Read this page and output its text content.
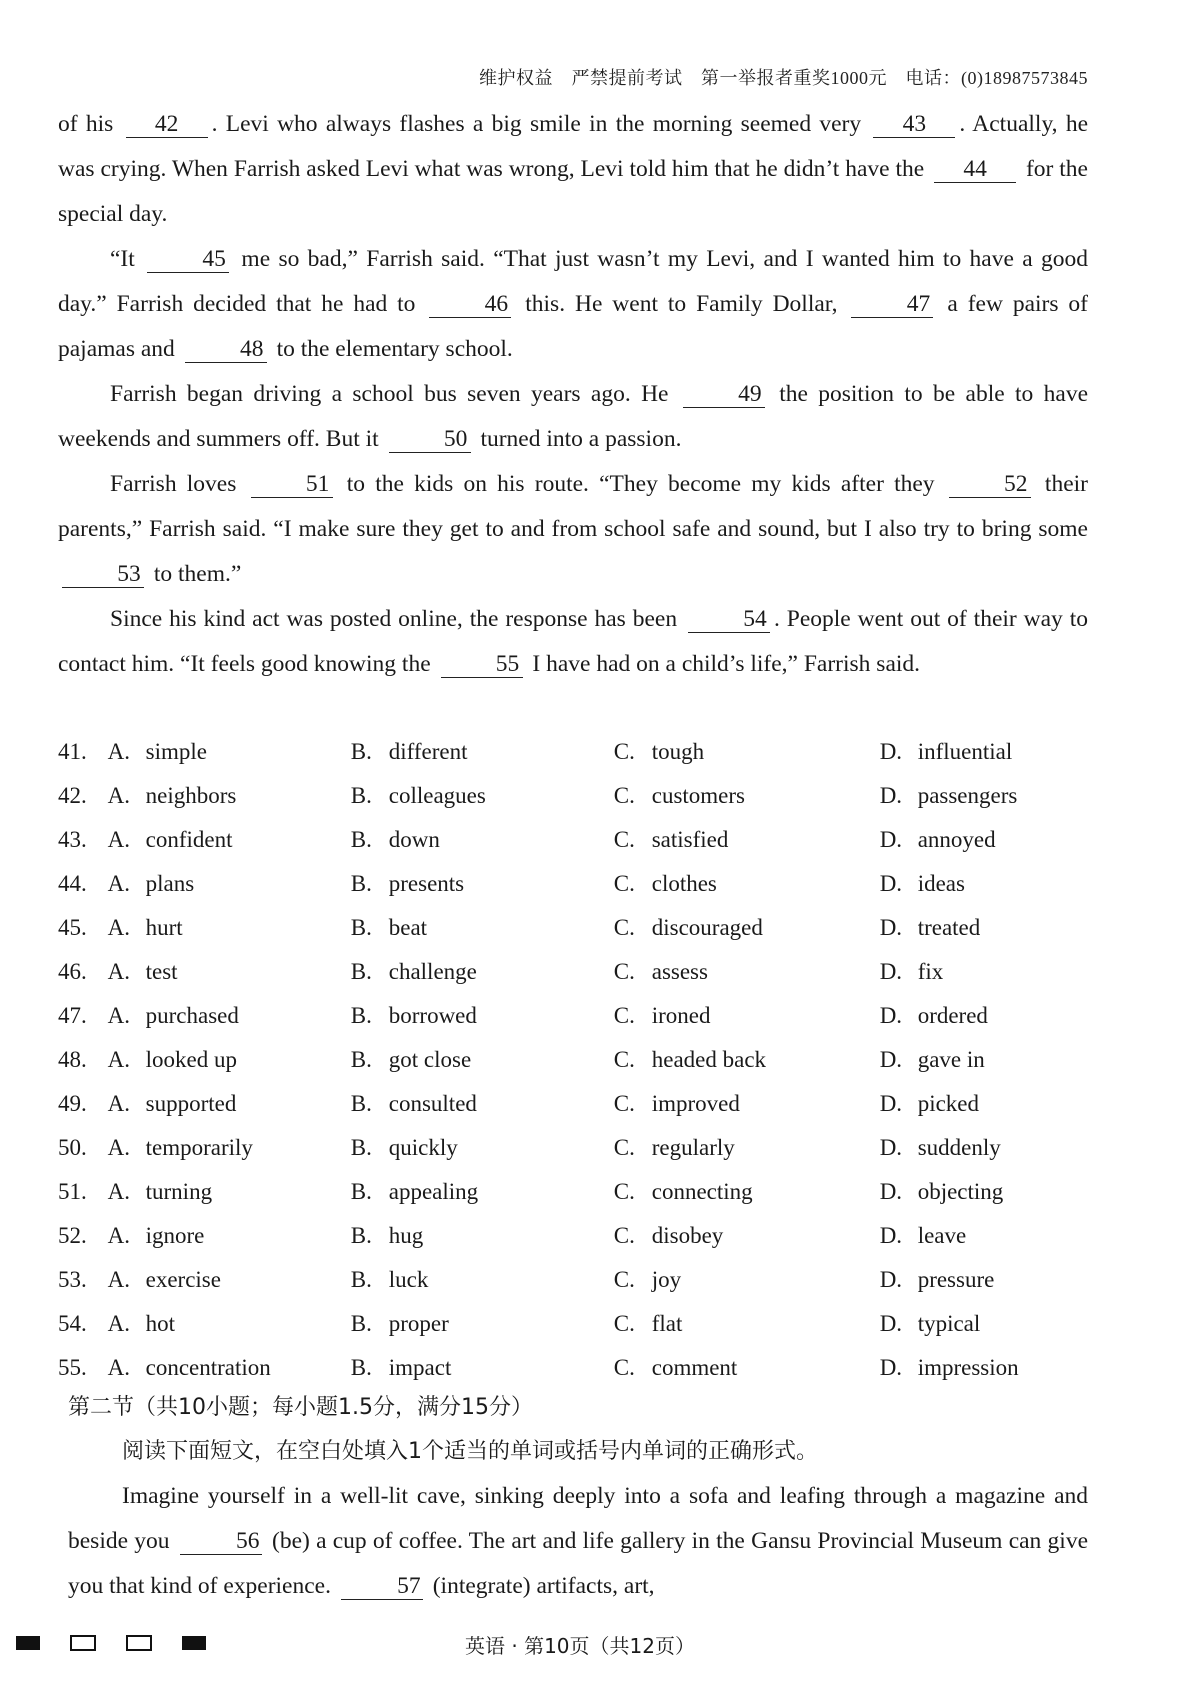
维护权益　严禁提前考试　第一举报者重奖1000元　电话：(0)18987573845

of his 42 . Levi who always flashes a big smile in the morning seemed very 43 . Actually, he was crying. When Farrish asked Levi what was wrong, Levi told him that he didn’t have the 44 for the special day.

“It	45 me so bad,” Farrish said. “That just wasn’t my Levi, and I wanted him to have a good day.” Farrish decided that he had to	46 this. He went to Family Dollar,	47 a few pairs of pajamas and	48 to the elementary school.

Farrish began driving a school bus seven years ago. He	49 the position to be able to have weekends and summers off. But it	50 turned into a passion.

Farrish loves	51 to the kids on his route. “They become my kids after they	52 their parents,” Farrish said. “I make sure they get to and from school safe and sound, but I also try to bring some 53 to them.”

Since his kind act was posted online, the response has been	54 . People went out of their way to contact him. “It feels good knowing the	55 I have had on a child’s life,” Farrish said.

41. A. simple	B. different	C. tough	D. influential
42. A. neighbors	B. colleagues	C. customers	D. passengers
43. A. confident	B. down	C. satisfied	D. annoyed
44. A. plans	B. presents	C. clothes	D. ideas
45. A. hurt	B. beat	C. discouraged	D. treated
46. A. test	B. challenge	C. assess	D. fix
47. A. purchased	B. borrowed	C. ironed	D. ordered
48. A. looked up	B. got close	C. headed back	D. gave in
49. A. supported	B. consulted	C. improved	D. picked
50. A. temporarily	B. quickly	C. regularly	D. suddenly
51. A. turning	B. appealing	C. connecting	D. objecting
52. A. ignore	B. hug	C. disobey	D. leave
53. A. exercise	B. luck	C. joy	D. pressure
54. A. hot	B. proper	C. flat	D. typical
55. A. concentration	B. impact	C. comment	D. impression

第二节（共10小题；每小题1.5分，满分15分）

阅读下面短文，在空白处填入1个适当的单词或括号内单词的正确形式。

Imagine yourself in a well-lit cave, sinking deeply into a sofa and leafing through a magazine and beside you	56 (be) a cup of coffee. The art and life gallery in the Gansu Provincial Museum can give you that kind of experience.	57 (integrate) artifacts, art,

英语 · 第10页（共12页）
